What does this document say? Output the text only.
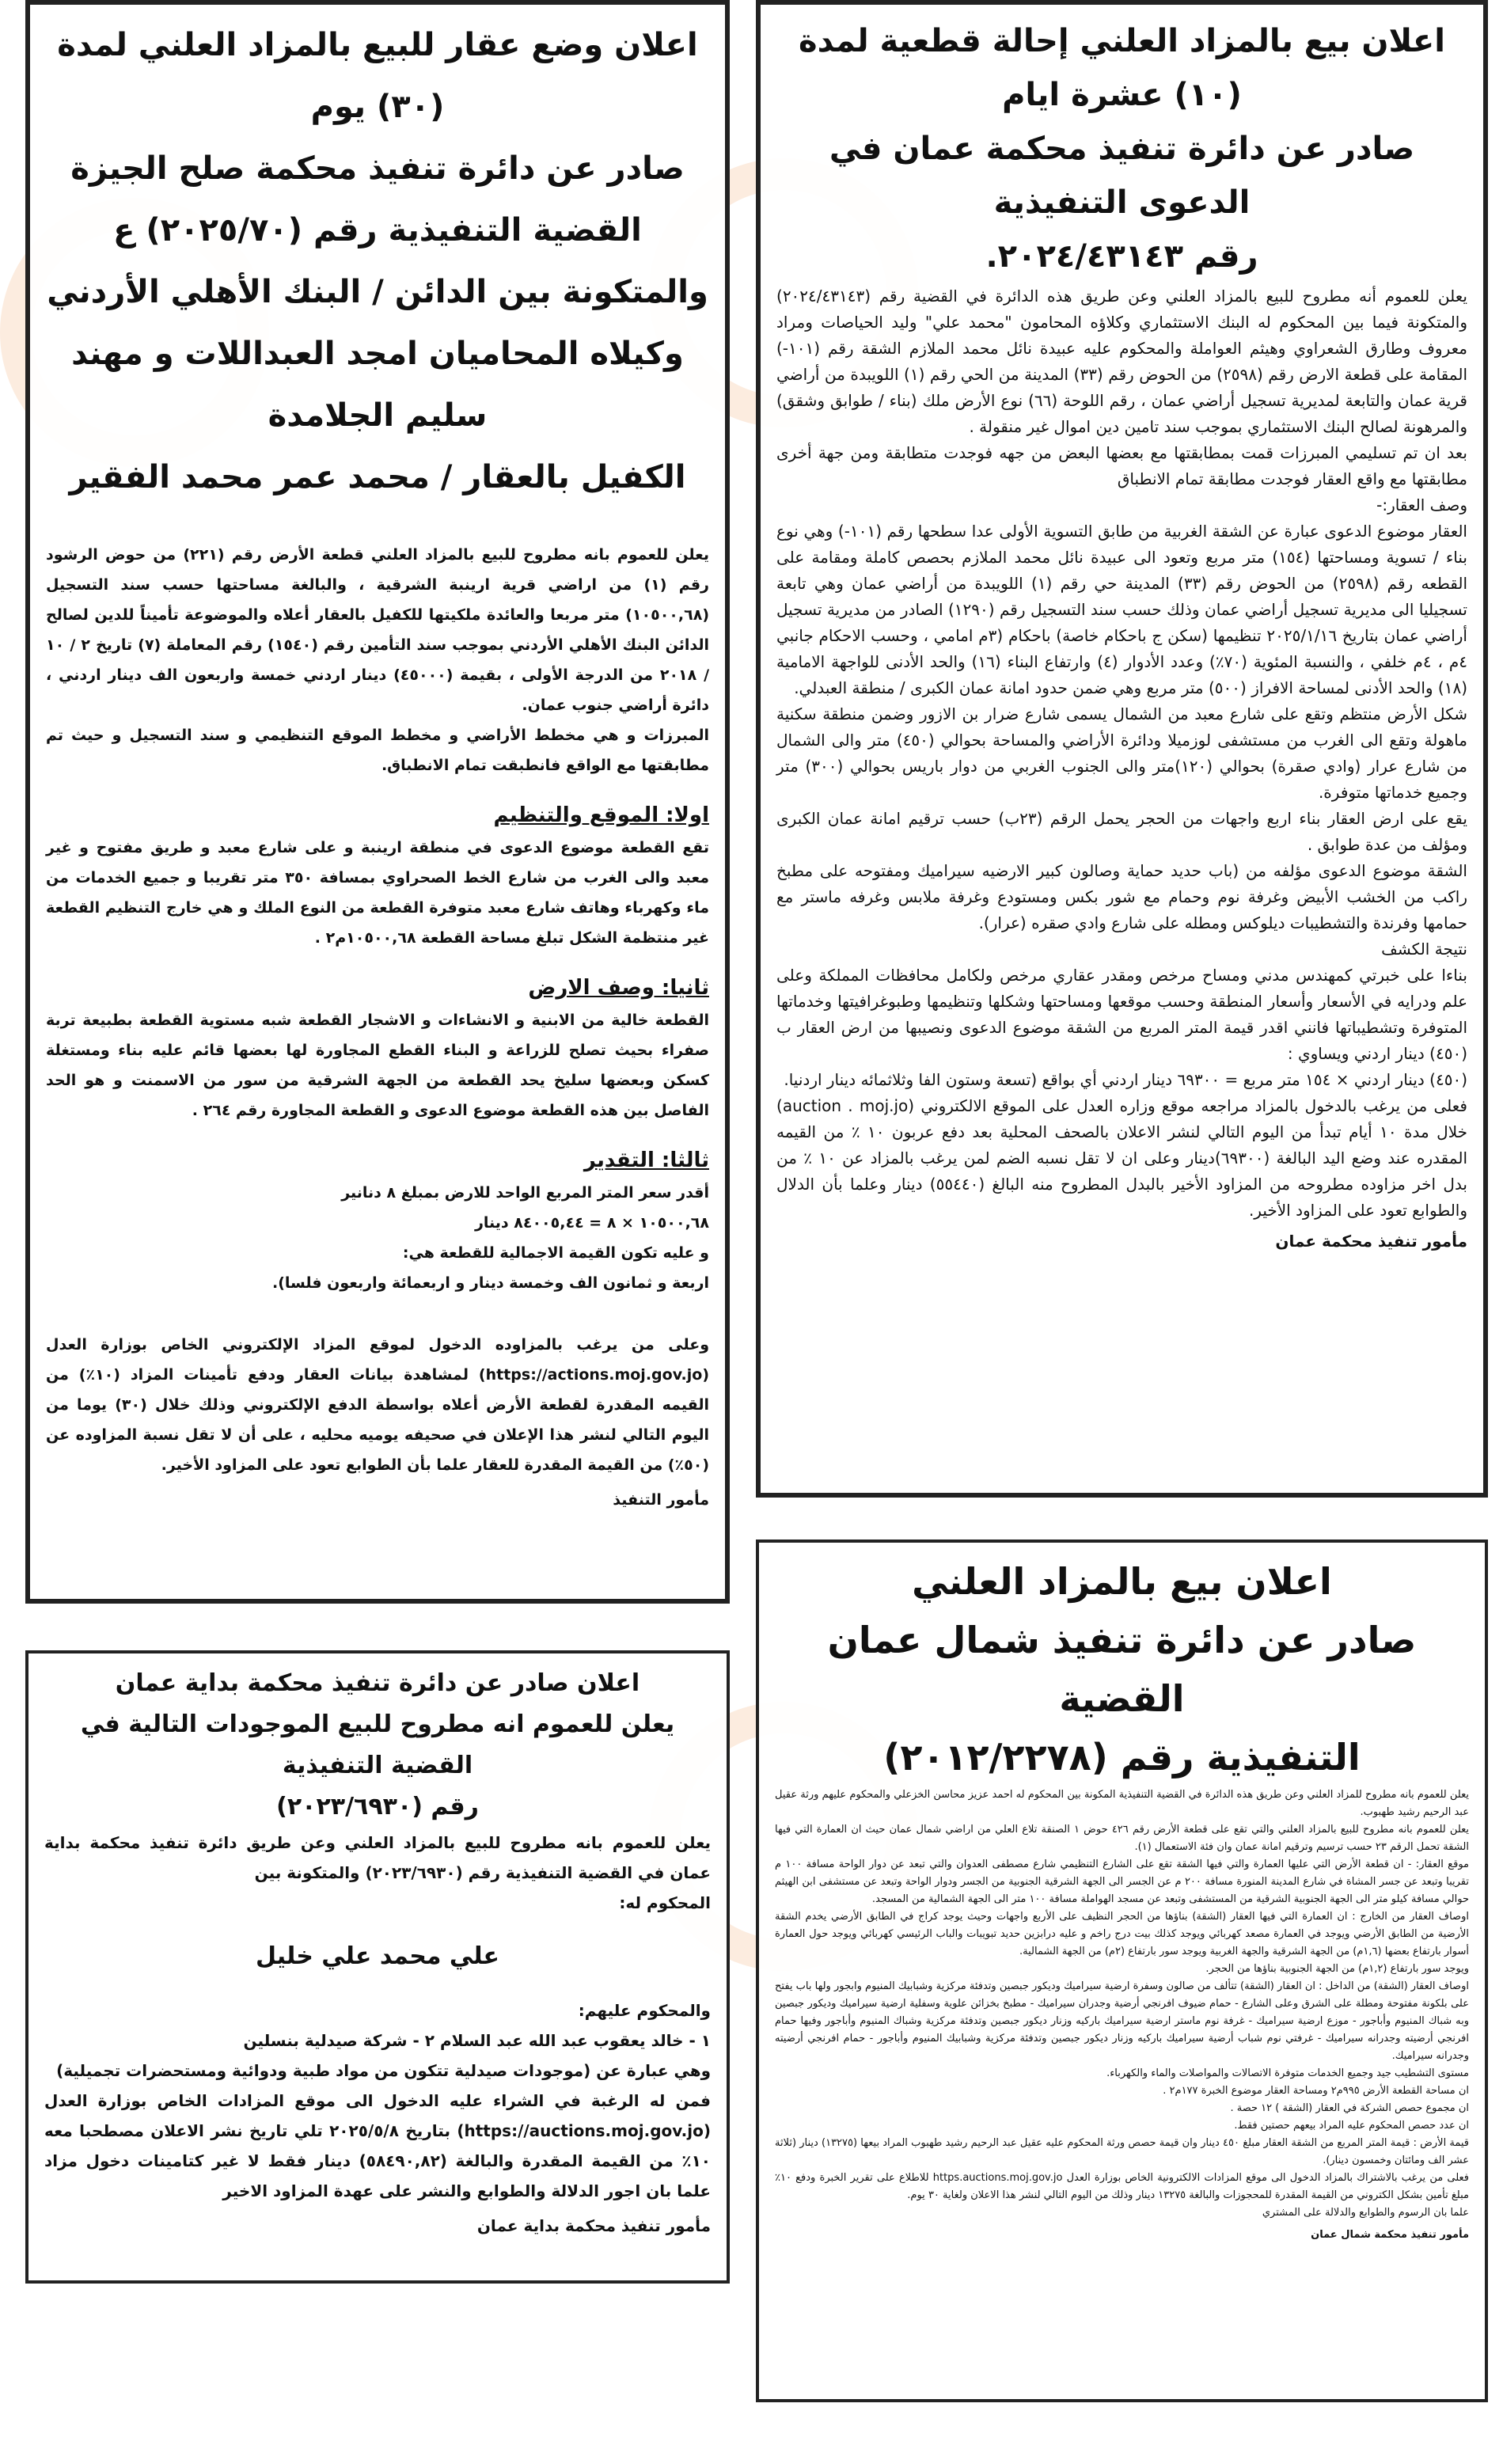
اعلان بيع بالمزاد العلني إحالة قطعية لمدة (١٠) عشرة ايام
صادر عن دائرة تنفيذ محكمة عمان في الدعوى التنفيذية
رقم ٢٠٢٤/٤٣١٤٣.

يعلن للعموم أنه مطروح للبيع بالمزاد العلني وعن طريق هذه الدائرة في القضية رقم (٢٠٢٤/٤٣١٤٣) والمتكونة فيما بين المحكوم له البنك الاستثماري وكلاؤه المحامون "محمد علي" وليد الحياصات ومراد معروف وطارق الشعراوي وهيثم العواملة والمحكوم عليه عبيدة نائل محمد الملازم الشقة رقم (١٠١-) المقامة على قطعة الارض رقم (٢٥٩٨) من الحوض رقم (٣٣) المدينة من الحي رقم (١) اللويبدة من أراضي قرية عمان والتابعة لمديرية تسجيل أراضي عمان ، رقم اللوحة (٦٦) نوع الأرض ملك (بناء / طوابق وشقق) والمرهونة لصالح البنك الاستثماري بموجب سند تامين دين اموال غير منقولة .

بعد ان تم تسليمي المبرزات قمت بمطابقتها مع بعضها البعض من جهه فوجدت متطابقة ومن جهة أخرى مطابقتها مع واقع العقار فوجدت مطابقة تمام الانطباق

وصف العقار:-

العقار موضوع الدعوى عبارة عن الشقة الغربية من طابق التسوية الأولى عدا سطحها رقم (١٠١-) وهي نوع بناء / تسوية ومساحتها (١٥٤) متر مربع وتعود الى عبيدة نائل محمد الملازم بحصص كاملة ومقامة على القطعه رقم (٢٥٩٨) من الحوض رقم (٣٣) المدينة حي رقم (١) اللويبدة من أراضي عمان وهي تابعة تسجيليا الى مديرية تسجيل أراضي عمان وذلك حسب سند التسجيل رقم (١٢٩٠) الصادر من مديرية تسجيل أراضي عمان بتاريخ ٢٠٢٥/١/١٦ تنظيمها (سكن ج باحكام خاصة) باحكام (٣م امامي ، وحسب الاحكام جانبي ٤م ، ٤م خلفي ، والنسبة المئوية (٧٠٪) وعدد الأدوار (٤) وارتفاع البناء (١٦) والحد الأدنى للواجهة الامامية (١٨) والحد الأدنى لمساحة الافراز (٥٠٠) متر مربع وهي ضمن حدود امانة عمان الكبرى / منطقة العبدلي.

شكل الأرض منتظم وتقع على شارع معبد من الشمال يسمى شارع ضرار بن الازور وضمن منطقة سكنية ماهولة وتقع الى الغرب من مستشفى لوزميلا ودائرة الأراضي والمساحة بحوالي (٤٥٠) متر والى الشمال من شارع عرار (وادي صقرة) بحوالي (١٢٠)متر والى الجنوب الغربي من دوار باريس بحوالي (٣٠٠) متر وجميع خدماتها متوفرة.

يقع على ارض العقار بناء اربع واجهات من الحجر يحمل الرقم (٢٣ب) حسب ترقيم امانة عمان الكبرى ومؤلف من عدة طوابق .

الشقة موضوع الدعوى مؤلفه من (باب حديد حماية وصالون كبير الارضيه سيراميك ومفتوحه على مطبخ راكب من الخشب الأبيض وغرفة نوم وحمام مع شور بكس ومستودع وغرفة ملابس وغرفه ماستر مع حمامها وفرندة والتشطيبات ديلوكس ومطله على شارع وادي صقره (عرار).

نتيجة الكشف

بناءا على خبرتي كمهندس مدني ومساح مرخص ومقدر عقاري مرخص ولكامل محافظات المملكة وعلى علم ودرايه في الأسعار وأسعار المنطقة وحسب موقعها ومساحتها وشكلها وتنظيمها وطبوغرافيتها وخدماتها المتوفرة وتشطيباتها فانني اقدر قيمة المتر المربع من الشقة موضوع الدعوى ونصيبها من ارض العقار ب (٤٥٠) دينار اردني ويساوي :

(٤٥٠) دينار اردني × ١٥٤ متر مربع = ٦٩٣٠٠ دينار اردني أي بواقع (تسعة وستون الفا وثلاثمائه دينار اردنيا.

فعلى من يرغب بالدخول بالمزاد مراجعه موقع وزاره العدل على الموقع الالكتروني (auction . moj.jo) خلال مدة ١٠ أيام تبدأ من اليوم التالي لنشر الاعلان بالصحف المحلية بعد دفع عربون ١٠ ٪ من القيمه المقدره عند وضع اليد البالغة (٦٩٣٠٠)دينار وعلى ان لا تقل نسبه الضم لمن يرغب بالمزاد عن ١٠ ٪ من بدل اخر مزاوده مطروحه من المزاود الأخير بالبدل المطروح منه البالغ (٥٥٤٤٠) دينار وعلما بأن الدلال والطوابع تعود على المزاود الأخير.

مأمور تنفيذ محكمة عمان

اعلان وضع عقار للبيع بالمزاد العلني لمدة (٣٠) يوم
صادر عن دائرة تنفيذ محكمة صلح الجيزة
القضية التنفيذية رقم (٢٠٢٥/٧٠) ع
والمتكونة بين الدائن / البنك الأهلي الأردني
وكيلاه المحاميان امجد العبداللات و مهند سليم الجلامدة
الكفيل بالعقار / محمد عمر محمد الفقير

يعلن للعموم بانه مطروح للبيع بالمزاد العلني قطعة الأرض رقم (٢٢١) من حوض الرشود رقم (١) من اراضي قرية ارينبة الشرقية ، والبالغة مساحتها حسب سند التسجيل (١٠٥٠٠,٦٨) متر مربعا والعائدة ملكيتها للكفيل بالعقار أعلاه والموضوعة تأميناً للدين لصالح الدائن البنك الأهلي الأردني بموجب سند التأمين رقم (١٥٤٠) رقم المعاملة (٧) تاريخ ٢ / ١٠ / ٢٠١٨ من الدرجة الأولى ، بقيمة (٤٥٠٠٠) دينار اردني خمسة واربعون الف دينار اردني ، دائرة أراضي جنوب عمان.

المبرزات و هي مخطط الأراضي و مخطط الموقع التنظيمي و سند التسجيل و حيث تم مطابقتها مع الواقع فانطبقت تمام الانطباق.

اولا: الموقع والتنظيم

تقع القطعة موضوع الدعوى في منطقة ارينبة و على شارع معبد و طريق مفتوح و غير معبد والى الغرب من شارع الخط الصحراوي بمسافة ٣٥٠ متر تقريبا و جميع الخدمات من ماء وكهرباء وهاتف شارع معبد متوفرة القطعة من النوع الملك و هي خارج التنظيم القطعة غير منتظمة الشكل تبلغ مساحة القطعة ١٠٥٠٠,٦٨م٢ .

ثانيا: وصف الارض

القطعة خالية من الابنية و الانشاءات و الاشجار القطعة شبه مستوية القطعة بطبيعة تربة صفراء بحيث تصلح للزراعة و البناء القطع المجاورة لها بعضها قائم عليه بناء ومستغلة كسكن وبعضها سليخ يحد القطعة من الجهة الشرقية من سور من الاسمنت و هو الحد الفاصل بين هذه القطعة موضوع الدعوى و القطعة المجاورة رقم ٢٦٤ .

ثالثا: التقدير

أقدر سعر المتر المربع الواحد للارض بمبلغ ٨ دنانير

١٠٥٠٠,٦٨ × ٨ = ٨٤٠٠٥,٤٤ دينار

و عليه تكون القيمة الاجمالية للقطعة هي:

اربعة و ثمانون الف وخمسة دينار و اربعمائة واربعون فلسا).

وعلى من يرغب بالمزاوده الدخول لموقع المزاد الإلكتروني الخاص بوزارة العدل (https://actions.moj.gov.jo) لمشاهدة بيانات العقار ودفع تأمينات المزاد (١٠٪) من القيمه المقدرة لقطعة الأرض أعلاه بواسطة الدفع الإلكتروني وذلك خلال (٣٠) يوما من اليوم التالي لنشر هذا الإعلان في صحيفه يوميه محليه ، على أن لا تقل نسبة المزاوده عن (٥٠٪) من القيمة المقدرة للعقار علما بأن الطوابع تعود على المزاود الأخير.

مأمور التنفيذ

اعلان صادر عن دائرة تنفيذ محكمة بداية عمان
يعلن للعموم انه مطروح للبيع الموجودات التالية في القضية التنفيذية
رقم (٢٠٢٣/٦٩٣٠)

يعلن للعموم بانه مطروح للبيع بالمزاد العلني وعن طريق دائرة تنفيذ محكمة بداية عمان في القضية التنفيذية رقم (٢٠٢٣/٦٩٣٠) والمتكونة بين

المحكوم له:

علي محمد علي خليل

والمحكوم عليهم:

١ - خالد يعقوب عبد الله عبد السلام ٢ - شركة صيدلية بنسلين

وهي عبارة عن (موجودات صيدلية تتكون من مواد طبية ودوائية ومستحضرات تجميلية)

فمن له الرغبة في الشراء عليه الدخول الى موقع المزادات الخاص بوزارة العدل (https://auctions.moj.gov.jo) بتاريخ ٢٠٢٥/٥/٨ تلي تاريخ نشر الاعلان مصطحبا معه ١٠٪ من القيمة المقدرة والبالغة (٥٨٤٩٠,٨٢) دينار فقط لا غير كتامينات دخول مزاد علما بان اجور الدلالة والطوابع والنشر على عهدة المزاود الاخير

مأمور تنفيذ محكمة بداية عمان

اعلان بيع بالمزاد العلني
صادر عن دائرة تنفيذ شمال عمان القضية
التنفيذية رقم (٢٠١٢/٢٢٧٨)

يعلن للعموم بانه مطروح للمزاد العلني وعن طريق هذه الدائرة في القضية التنفيذية المكونة بين المحكوم له احمد عزيز محاسن الخزعلي والمحكوم عليهم ورثة عقيل عبد الرحيم رشيد طهبوب.

يعلن للعموم بانه مطروح للبيع بالمزاد العلني والتي تقع على قطعة الأرض رقم ٤٢٦ حوض ١ الصنقة تلاع العلي من اراضي شمال عمان حيث ان العمارة التي فيها الشقة تحمل الرقم ٢٣ حسب ترسيم وترقيم امانة عمان وان فئة الاستعمال (١).

موقع العقار: - ان قطعة الأرض التي عليها العمارة والتي فيها الشقة تقع على الشارع التنظيمي شارع مصطفى العدوان والتي تبعد عن دوار الواحة مسافة ١٠٠ م تقريبا وتبعد عن جسر المشاة في شارع المدينة المنورة مسافة ٢٠٠ م عن الجسر الى الجهة الشرقية الجنوبية من الجسر ودوار الواحة وتبعد عن مستشفى ابن الهيثم حوالي مسافة كيلو متر الى الجهة الجنوبية الشرقية من المستشفى وتبعد عن مسجد الهواملة مسافة ١٠٠ متر الى الجهة الشمالية من المسجد.

اوصاف العقار من الخارج : ان العمارة التي فيها العقار (الشقة) بناؤها من الحجر النظيف على الأربع واجهات وحيث يوجد كراج في الطابق الأرضي يخدم الشقة الأرضية من الطابق الأرضي ويوجد في العمارة مصعد كهربائي ويوجد كذلك بيت درج راخم و عليه درابزين حديد تبويبات والباب الرئيسي كهربائي ويوجد حول العمارة أسوار بارتفاع بعضها (١,٦م) من الجهة الشرقية والجهة الغربية ويوجد سور بارتفاع (٢م) من الجهة الشمالية.

ويوجد سور بارتفاع (١,٢م) من الجهة الجنوبية بناؤها من الحجر.

اوصاف العقار (الشقة) من الداخل : ان العقار (الشقة) تتألف من صالون وسفرة ارضية سيراميك وديكور جبصين وتدفئة مركزية وشبابيك المنيوم وابجور ولها باب يفتح على بلكونة مفتوحة ومطلة على الشرق وعلى الشارع - حمام ضيوف افرنجي أرضية وجدران سيراميك - مطبخ بخزائن علوية وسفلية ارضية سيراميك وديكور جبصين وبه شباك المنيوم وأباجور - موزع ارضية سيراميك - غرفة نوم ماستر ارضية سيراميك باركيه وزنار ديكور جبصين وتدفئة مركزية وشباك المنيوم وأباجور وفيها حمام افرنجي أرضيته وجدرانه سيراميك - غرفتي نوم شباب أرضية سيراميك باركيه وزنار ديكور جبصين وتدفئة مركزية وشبابيك المنيوم وأباجور - حمام افرنجي أرضيته وجدرانه سيراميك.

مستوى التشطيب جيد وجميع الخدمات متوفرة الاتصالات والمواصلات والماء والكهرباء.

ان مساحة القطعة الأرض ٩٩٥م٢ ومساحة العقار موضوع الخبرة ١٧٧م٢ .

ان مجموع حصص الشركة في العقار (الشقة ) ١٢ حصة .

ان عدد حصص المحكوم عليه المراد بيعهم حصتين فقط.

قيمة الأرض : قيمة المتر المربع من الشقة العقار مبلغ ٤٥٠ دينار وان قيمة حصص ورثة المحكوم عليه عقيل عبد الرحيم رشيد طهبوب المراد بيعها (١٣٢٧٥) دينار (ثلاثة عشر الف ومائتان وخمسون دينار).

فعلى من يرغب بالاشتراك بالمزاد الدخول الى موقع المزادات الالكترونية الخاص بوزارة العدل https.auctions.moj.gov.jo للاطلاع على تقرير الخبرة ودفع ١٠٪ مبلغ تأمين بشكل الكتروني من القيمة المقدرة للمحجوزات والبالغة ١٣٢٧٥ دينار وذلك من اليوم التالي لنشر هذا الاعلان ولغاية ٣٠ يوم.

علما بان الرسوم والطوابع والدلالة على المشتري

مأمور تنفيذ محكمة شمال عمان
